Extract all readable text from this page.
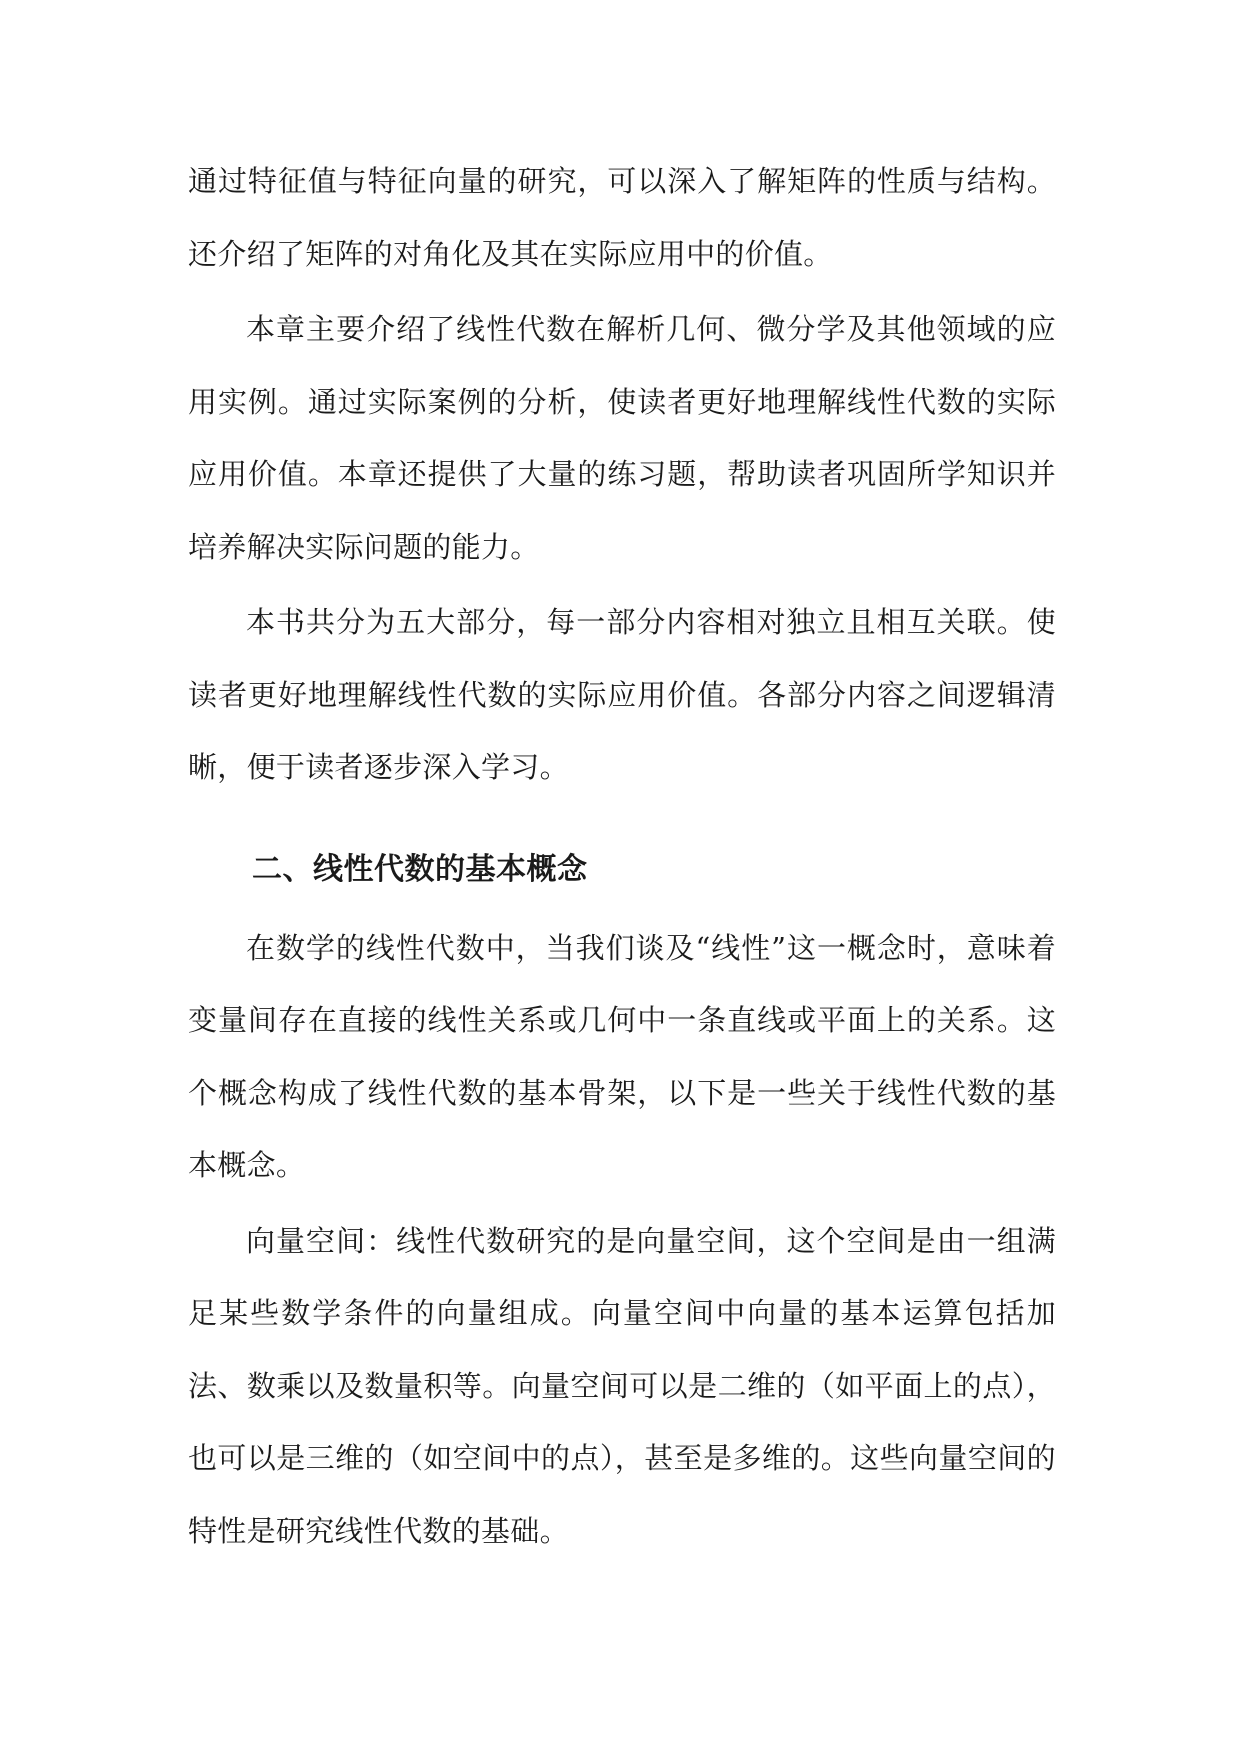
通过特征值与特征向量的研究，可以深入了解矩阵的性质与结构。还介绍了矩阵的对角化及其在实际应用中的价值。

本章主要介绍了线性代数在解析几何、微分学及其他领域的应用实例。通过实际案例的分析，使读者更好地理解线性代数的实际应用价值。本章还提供了大量的练习题，帮助读者巩固所学知识并培养解决实际问题的能力。

本书共分为五大部分，每一部分内容相对独立且相互关联。使读者更好地理解线性代数的实际应用价值。各部分内容之间逻辑清晰，便于读者逐步深入学习。

二、线性代数的基本概念

在数学的线性代数中，当我们谈及“线性”这一概念时，意味着变量间存在直接的线性关系或几何中一条直线或平面上的关系。这个概念构成了线性代数的基本骨架，以下是一些关于线性代数的基本概念。

向量空间：线性代数研究的是向量空间，这个空间是由一组满足某些数学条件的向量组成。向量空间中向量的基本运算包括加法、数乘以及数量积等。向量空间可以是二维的（如平面上的点），也可以是三维的（如空间中的点），甚至是多维的。这些向量空间的特性是研究线性代数的基础。
